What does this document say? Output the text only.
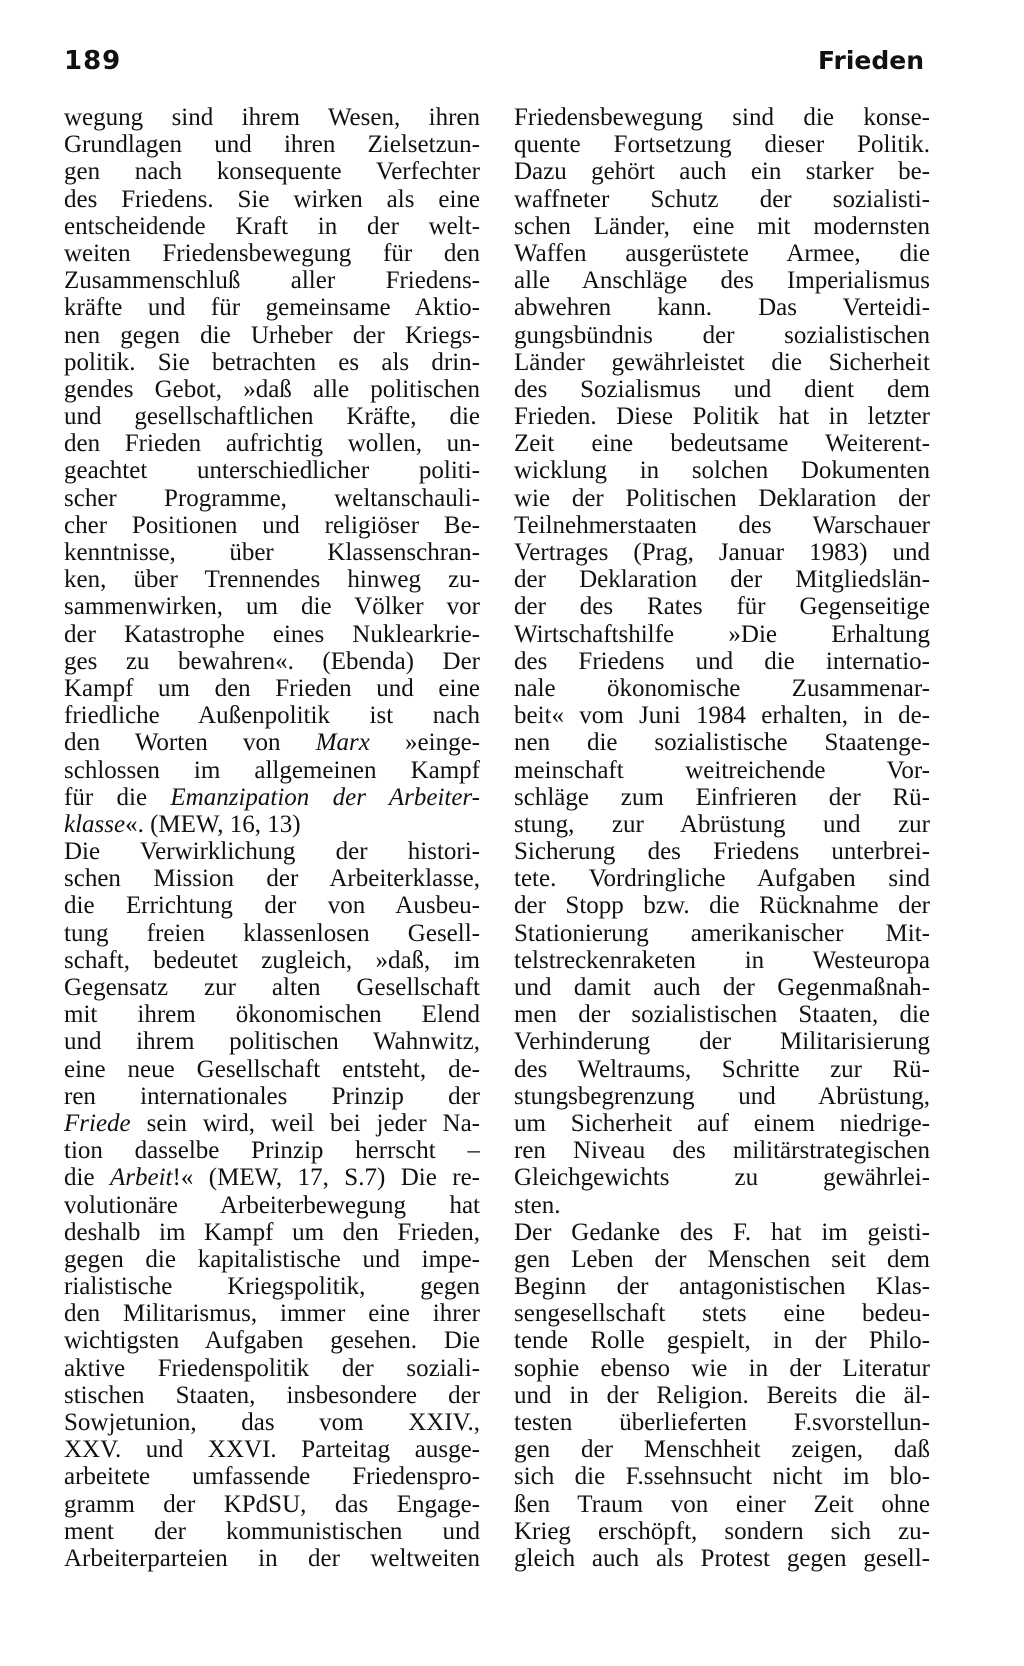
189	Frieden
wegung sind ihrem Wesen, ihren
Grundlagen und ihren Zielsetzun-
gen nach konsequente Verfechter
des Friedens. Sie wirken als eine
entscheidende Kraft in der welt-
weiten Friedensbewegung für den
Zusammenschluß aller Friedens-
kräfte und für gemeinsame Aktio-
nen gegen die Urheber der Kriegs-
politik. Sie betrachten es als drin-
gendes Gebot, »daß alle politischen
und gesellschaftlichen Kräfte, die
den Frieden aufrichtig wollen, un-
geachtet unterschiedlicher politi-
scher Programme, weltanschauli-
cher Positionen und religiöser Be-
kenntnisse, über Klassenschran-
ken, über Trennendes hinweg zu-
sammenwirken, um die Völker vor
der Katastrophe eines Nuklearkrie-
ges zu bewahren«. (Ebenda) Der
Kampf um den Frieden und eine
friedliche Außenpolitik ist nach
den Worten von Marx »einge-
schlossen im allgemeinen Kampf
für die Emanzipation der Arbeiter-
klasse«. (MEW, 16, 13)
Die Verwirklichung der histori-
schen Mission der Arbeiterklasse,
die Errichtung der von Ausbeu-
tung freien klassenlosen Gesell-
schaft, bedeutet zugleich, »daß, im
Gegensatz zur alten Gesellschaft
mit ihrem ökonomischen Elend
und ihrem politischen Wahnwitz,
eine neue Gesellschaft entsteht, de-
ren internationales Prinzip der
Friede sein wird, weil bei jeder Na-
tion dasselbe Prinzip herrscht –
die Arbeit!« (MEW, 17, S.7) Die re-
volutionäre Arbeiterbewegung hat
deshalb im Kampf um den Frieden,
gegen die kapitalistische und impe-
rialistische Kriegspolitik, gegen
den Militarismus, immer eine ihrer
wichtigsten Aufgaben gesehen. Die
aktive Friedenspolitik der soziali-
stischen Staaten, insbesondere der
Sowjetunion, das vom XXIV.,
XXV. und XXVI. Parteitag ausge-
arbeitete umfassende Friedenspro-
gramm der KPdSU, das Engage-
ment der kommunistischen und
Arbeiterparteien in der weltweiten
Friedensbewegung sind die konse-
quente Fortsetzung dieser Politik.
Dazu gehört auch ein starker be-
waffneter Schutz der sozialisti-
schen Länder, eine mit modernsten
Waffen ausgerüstete Armee, die
alle Anschläge des Imperialismus
abwehren kann. Das Verteidi-
gungsbündnis der sozialistischen
Länder gewährleistet die Sicherheit
des Sozialismus und dient dem
Frieden. Diese Politik hat in letzter
Zeit eine bedeutsame Weiterent-
wicklung in solchen Dokumenten
wie der Politischen Deklaration der
Teilnehmerstaaten des Warschauer
Vertrages (Prag, Januar 1983) und
der Deklaration der Mitgliedslän-
der des Rates für Gegenseitige
Wirtschaftshilfe »Die Erhaltung
des Friedens und die internatio-
nale ökonomische Zusammenar-
beit« vom Juni 1984 erhalten, in de-
nen die sozialistische Staatenge-
meinschaft weitreichende Vor-
schläge zum Einfrieren der Rü-
stung, zur Abrüstung und zur
Sicherung des Friedens unterbrei-
tete. Vordringliche Aufgaben sind
der Stopp bzw. die Rücknahme der
Stationierung amerikanischer Mit-
telstreckenraketen in Westeuropa
und damit auch der Gegenmaßnah-
men der sozialistischen Staaten, die
Verhinderung der Militarisierung
des Weltraums, Schritte zur Rü-
stungsbegrenzung und Abrüstung,
um Sicherheit auf einem niedrige-
ren Niveau des militärstrategischen
Gleichgewichts zu gewährlei-
sten.
Der Gedanke des F. hat im geisti-
gen Leben der Menschen seit dem
Beginn der antagonistischen Klas-
sengesellschaft stets eine bedeu-
tende Rolle gespielt, in der Philo-
sophie ebenso wie in der Literatur
und in der Religion. Bereits die äl-
testen überlieferten F.svorstellun-
gen der Menschheit zeigen, daß
sich die F.ssehnsucht nicht im blo-
ßen Traum von einer Zeit ohne
Krieg erschöpft, sondern sich zu-
gleich auch als Protest gegen gesell-
